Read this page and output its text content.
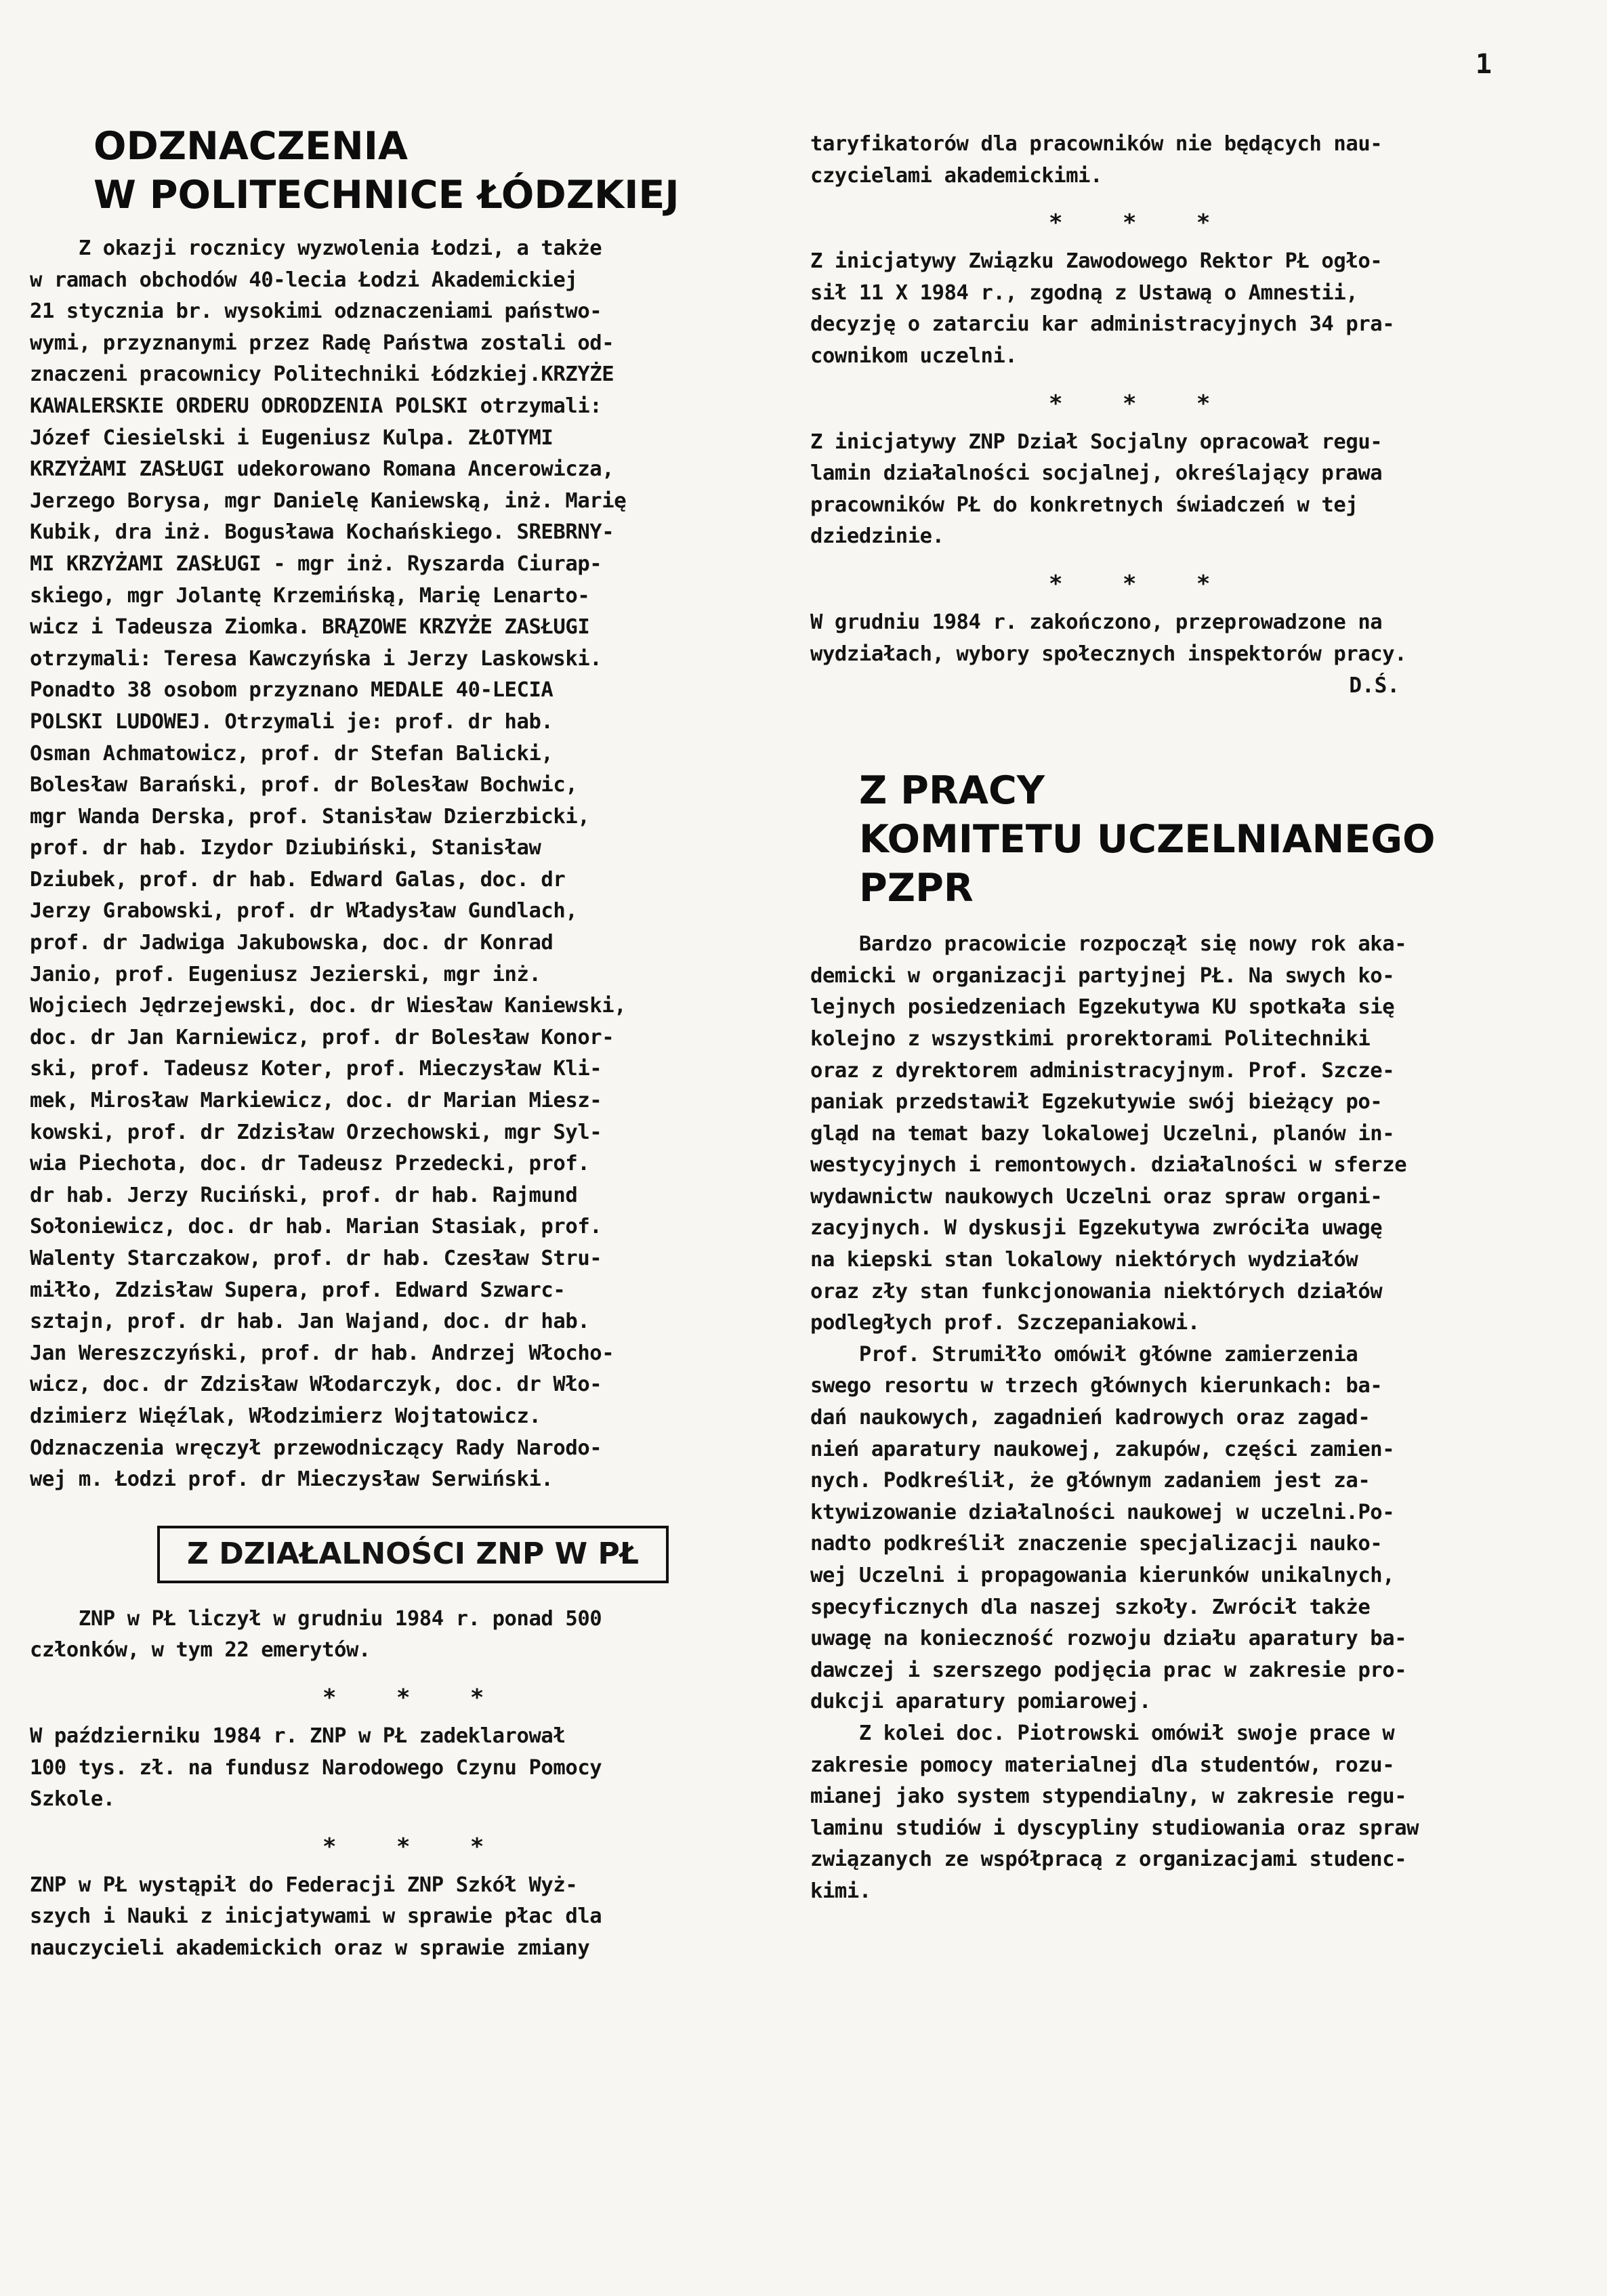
1
ODZNACZENIA
W POLITECHNICE ŁÓDZKIEJ
Z okazji rocznicy wyzwolenia Łodzi, a także
w ramach obchodów 40-lecia Łodzi Akademickiej
21 stycznia br. wysokimi odznaczeniami państwo-
wymi, przyznanymi przez Radę Państwa zostali od-
znaczeni pracownicy Politechniki Łódzkiej.KRZYŻE
KAWALERSKIE ORDERU ODRODZENIA POLSKI otrzymali:
Józef Ciesielski i Eugeniusz Kulpa. ZŁOTYMI
KRZYŻAMI ZASŁUGI udekorowano Romana Ancerowicza,
Jerzego Borysa, mgr Danielę Kaniewską, inż. Marię
Kubik, dra inż. Bogusława Kochańskiego. SREBRNY-
MI KRZYŻAMI ZASŁUGI - mgr inż. Ryszarda Ciurap-
skiego, mgr Jolantę Krzemińską, Marię Lenarto-
wicz i Tadeusza Ziomka. BRĄZOWE KRZYŻE ZASŁUGI
otrzymali: Teresa Kawczyńska i Jerzy Laskowski.
Ponadto 38 osobom przyznano MEDALE 40-LECIA
POLSKI LUDOWEJ. Otrzymali je: prof. dr hab.
Osman Achmatowicz, prof. dr Stefan Balicki,
Bolesław Barański, prof. dr Bolesław Bochwic,
mgr Wanda Derska, prof. Stanisław Dzierzbicki,
prof. dr hab. Izydor Dziubiński, Stanisław
Dziubek, prof. dr hab. Edward Galas, doc. dr
Jerzy Grabowski, prof. dr Władysław Gundlach,
prof. dr Jadwiga Jakubowska, doc. dr Konrad
Janio, prof. Eugeniusz Jezierski, mgr inż.
Wojciech Jędrzejewski, doc. dr Wiesław Kaniewski,
doc. dr Jan Karniewicz, prof. dr Bolesław Konor-
ski, prof. Tadeusz Koter, prof. Mieczysław Kli-
mek, Mirosław Markiewicz, doc. dr Marian Miesz-
kowski, prof. dr Zdzisław Orzechowski, mgr Syl-
wia Piechota, doc. dr Tadeusz Przedecki, prof.
dr hab. Jerzy Ruciński, prof. dr hab. Rajmund
Sołoniewicz, doc. dr hab. Marian Stasiak, prof.
Walenty Starczakow, prof. dr hab. Czesław Stru-
miłło, Zdzisław Supera, prof. Edward Szwarc-
sztajn, prof. dr hab. Jan Wajand, doc. dr hab.
Jan Wereszczyński, prof. dr hab. Andrzej Włocho-
wicz, doc. dr Zdzisław Włodarczyk, doc. dr Wło-
dzimierz Więźlak, Włodzimierz Wojtatowicz.
Odznaczenia wręczył przewodniczący Rady Narodo-
wej m. Łodzi prof. dr Mieczysław Serwiński.
Z DZIAŁALNOŚCI ZNP W PŁ
ZNP w PŁ liczył w grudniu 1984 r. ponad 500
członków, w tym 22 emerytów.
* * *
W październiku 1984 r. ZNP w PŁ zadeklarował
100 tys. zł. na fundusz Narodowego Czynu Pomocy
Szkole.
* * *
ZNP w PŁ wystąpił do Federacji ZNP Szkół Wyż-
szych i Nauki z inicjatywami w sprawie płac dla
nauczycieli akademickich oraz w sprawie zmiany
taryfikatorów dla pracowników nie będących nau-
czycielami akademickimi.
* * *
Z inicjatywy Związku Zawodowego Rektor PŁ ogło-
sił 11 X 1984 r., zgodną z Ustawą o Amnestii,
decyzję o zatarciu kar administracyjnych 34 pra-
cownikom uczelni.
* * *
Z inicjatywy ZNP Dział Socjalny opracował regu-
lamin działalności socjalnej, określający prawa
pracowników PŁ do konkretnych świadczeń w tej
dziedzinie.
* * *
W grudniu 1984 r. zakończono, przeprowadzone na
wydziałach, wybory społecznych inspektorów pracy.
D.Ś.
Z PRACY
KOMITETU UCZELNIANEGO
PZPR
Bardzo pracowicie rozpoczął się nowy rok aka-
demicki w organizacji partyjnej PŁ. Na swych ko-
lejnych posiedzeniach Egzekutywa KU spotkała się
kolejno z wszystkimi prorektorami Politechniki
oraz z dyrektorem administracyjnym. Prof. Szcze-
paniak przedstawił Egzekutywie swój bieżący po-
gląd na temat bazy lokalowej Uczelni, planów in-
westycyjnych i remontowych. działalności w sferze
wydawnictw naukowych Uczelni oraz spraw organi-
zacyjnych. W dyskusji Egzekutywa zwróciła uwagę
na kiepski stan lokalowy niektórych wydziałów
oraz zły stan funkcjonowania niektórych działów
podległych prof. Szczepaniakowi.
Prof. Strumiłło omówił główne zamierzenia
swego resortu w trzech głównych kierunkach: ba-
dań naukowych, zagadnień kadrowych oraz zagad-
nień aparatury naukowej, zakupów, części zamien-
nych. Podkreślił, że głównym zadaniem jest za-
ktywizowanie działalności naukowej w uczelni.Po-
nadto podkreślił znaczenie specjalizacji nauko-
wej Uczelni i propagowania kierunków unikalnych,
specyficznych dla naszej szkoły. Zwrócił także
uwagę na konieczność rozwoju działu aparatury ba-
dawczej i szerszego podjęcia prac w zakresie pro-
dukcji aparatury pomiarowej.
Z kolei doc. Piotrowski omówił swoje prace w
zakresie pomocy materialnej dla studentów, rozu-
mianej jako system stypendialny, w zakresie regu-
laminu studiów i dyscypliny studiowania oraz spraw
związanych ze współpracą z organizacjami studenc-
kimi.
